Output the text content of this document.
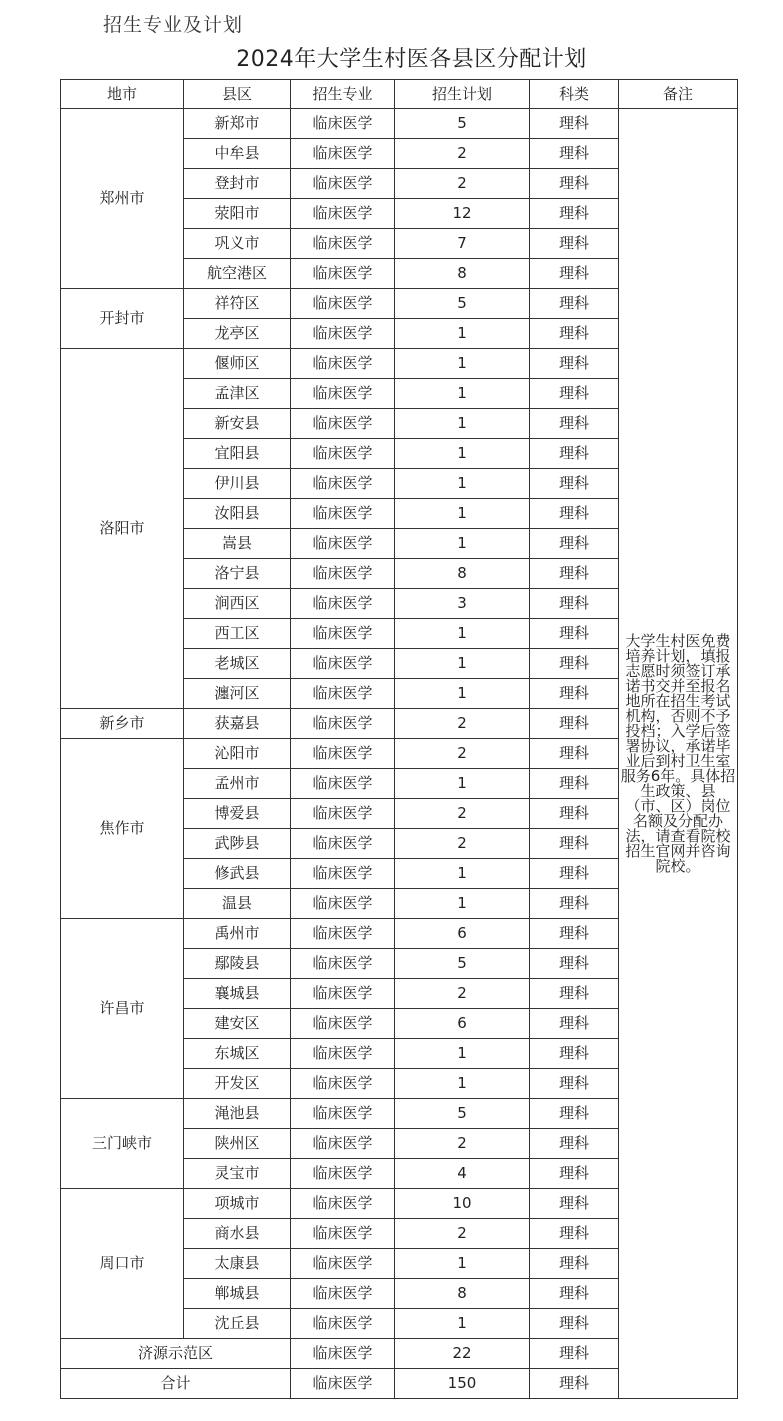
招生专业及计划
2024年大学生村医各县区分配计划
地市	县区	招生专业	招生计划	科类	备注
郑州市	新郑市	临床医学	5	理科	大学生村医免费培养计划，填报志愿时须签订承诺书交并至报名地所在招生考试机构，否则不予投档；入学后签署协议，承诺毕业后到村卫生室服务6年。具体招生政策、县（市、区）岗位名额及分配办法，请查看院校招生官网并咨询院校。
	中牟县	临床医学	2	理科	
	登封市	临床医学	2	理科	
	荥阳市	临床医学	12	理科	
	巩义市	临床医学	7	理科	
	航空港区	临床医学	8	理科	
开封市	祥符区	临床医学	5	理科	
	龙亭区	临床医学	1	理科	
洛阳市	偃师区	临床医学	1	理科	
	孟津区	临床医学	1	理科	
	新安县	临床医学	1	理科	
	宜阳县	临床医学	1	理科	
	伊川县	临床医学	1	理科	
	汝阳县	临床医学	1	理科	
	嵩县	临床医学	1	理科	
	洛宁县	临床医学	8	理科	
	涧西区	临床医学	3	理科	
	西工区	临床医学	1	理科	
	老城区	临床医学	1	理科	
	瀍河区	临床医学	1	理科	
新乡市	获嘉县	临床医学	2	理科	
焦作市	沁阳市	临床医学	2	理科	
	孟州市	临床医学	1	理科	
	博爱县	临床医学	2	理科	
	武陟县	临床医学	2	理科	
	修武县	临床医学	1	理科	
	温县	临床医学	1	理科	
许昌市	禹州市	临床医学	6	理科	
	鄢陵县	临床医学	5	理科	
	襄城县	临床医学	2	理科	
	建安区	临床医学	6	理科	
	东城区	临床医学	1	理科	
	开发区	临床医学	1	理科	
三门峡市	渑池县	临床医学	5	理科	
	陕州区	临床医学	2	理科	
	灵宝市	临床医学	4	理科	
周口市	项城市	临床医学	10	理科	
	商水县	临床医学	2	理科	
	太康县	临床医学	1	理科	
	郸城县	临床医学	8	理科	
	沈丘县	临床医学	1	理科	
济源示范区		临床医学	22	理科	
合计		临床医学	150	理科	
